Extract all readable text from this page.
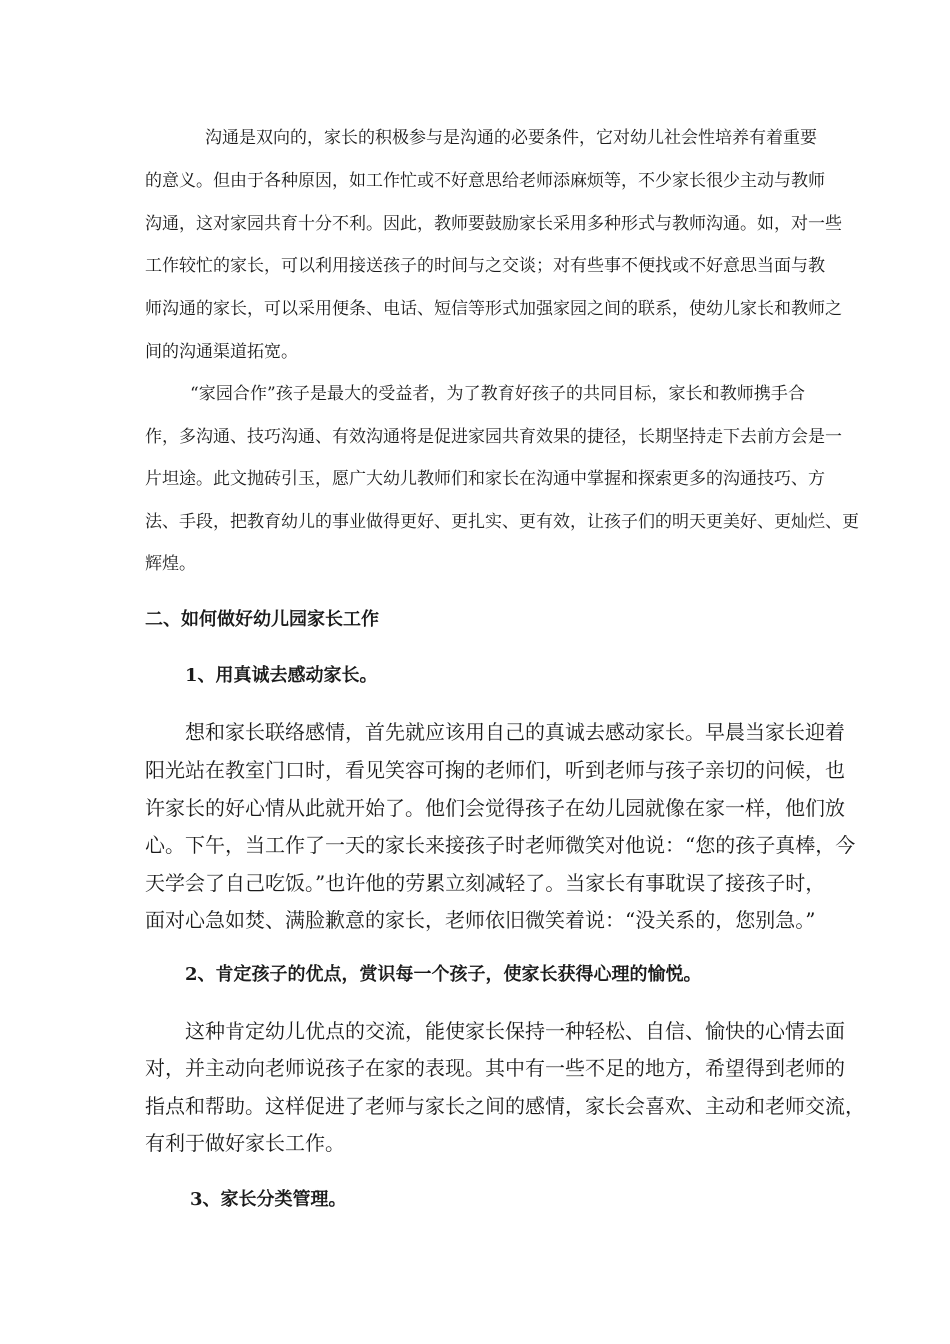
沟通是双向的，家长的积极参与是沟通的必要条件，它对幼儿社会性培养有着重要
的意义。但由于各种原因，如工作忙或不好意思给老师添麻烦等，不少家长很少主动与教师
沟通，这对家园共育十分不利。因此，教师要鼓励家长采用多种形式与教师沟通。如，对一些
工作较忙的家长，可以利用接送孩子的时间与之交谈；对有些事不便找或不好意思当面与教
师沟通的家长，可以采用便条、电话、短信等形式加强家园之间的联系，使幼儿家长和教师之
间的沟通渠道拓宽。
“家园合作”孩子是最大的受益者，为了教育好孩子的共同目标，家长和教师携手合
作，多沟通、技巧沟通、有效沟通将是促进家园共育效果的捷径，长期坚持走下去前方会是一
片坦途。此文抛砖引玉，愿广大幼儿教师们和家长在沟通中掌握和探索更多的沟通技巧、方
法、手段，把教育幼儿的事业做得更好、更扎实、更有效，让孩子们的明天更美好、更灿烂、更
辉煌。
二、如何做好幼儿园家长工作
1、用真诚去感动家长。
想和家长联络感情，首先就应该用自己的真诚去感动家长。早晨当家长迎着
阳光站在教室门口时，看见笑容可掬的老师们，听到老师与孩子亲切的问候，也
许家长的好心情从此就开始了。他们会觉得孩子在幼儿园就像在家一样，他们放
心。下午，当工作了一天的家长来接孩子时老师微笑对他说：“您的孩子真棒，今
天学会了自己吃饭。”也许他的劳累立刻减轻了。当家长有事耽误了接孩子时，
面对心急如焚、满脸歉意的家长，老师依旧微笑着说：“没关系的，您别急。”
2、肯定孩子的优点，赏识每一个孩子，使家长获得心理的愉悦。
这种肯定幼儿优点的交流，能使家长保持一种轻松、自信、愉快的心情去面
对，并主动向老师说孩子在家的表现。其中有一些不足的地方，希望得到老师的
指点和帮助。这样促进了老师与家长之间的感情，家长会喜欢、主动和老师交流，
有利于做好家长工作。
3、家长分类管理。
